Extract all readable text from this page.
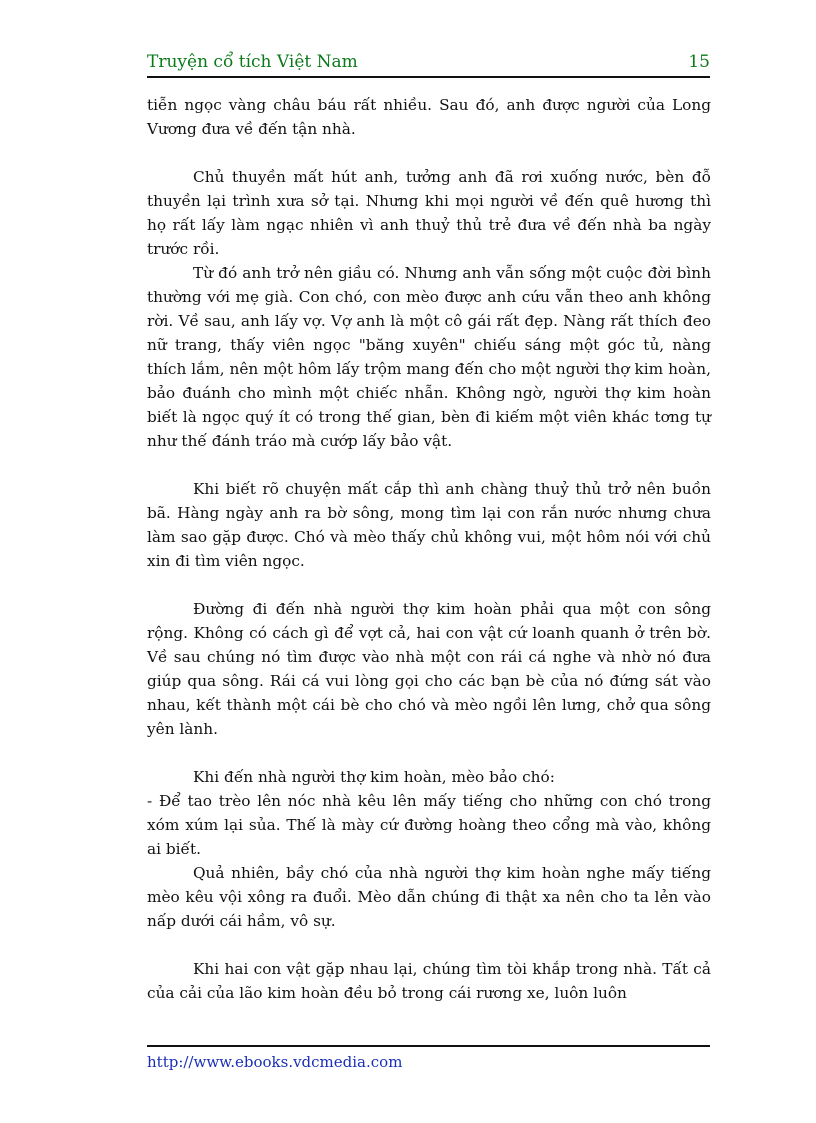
Truyện cổ tích Việt Nam	15

tiễn ngọc vàng châu báu rất nhiều. Sau đó, anh được người của Long Vương đưa về đến tận nhà.

Chủ thuyền mất hút anh, tưởng anh đã rơi xuống nước, bèn đỗ thuyền lại trình xưa sở tại. Nhưng khi mọi người về đến quê hương thì họ rất lấy làm ngạc nhiên vì anh thuỷ thủ trẻ đưa về đến nhà ba ngày trước rồi.

Từ đó anh trở nên giầu có. Nhưng anh vẫn sống một cuộc đời bình thường với mẹ già. Con chó, con mèo được anh cứu vẫn theo anh không rời. Về sau, anh lấy vợ. Vợ anh là một cô gái rất đẹp. Nàng rất thích đeo nữ trang, thấy viên ngọc "băng xuyên" chiếu sáng một góc tủ, nàng thích lắm, nên một hôm lấy trộm mang đến cho một người thợ kim hoàn, bảo đuánh cho mình một chiếc nhẫn. Không ngờ, người thợ kim hoàn biết là ngọc quý ít có trong thế gian, bèn đi kiếm một viên khác tơng tự như thế đánh tráo mà cướp lấy bảo vật.

Khi biết rõ chuyện mất cắp thì anh chàng thuỷ thủ trở nên buồn bã. Hàng ngày anh ra bờ sông, mong tìm lại con rắn nước nhưng chưa làm sao gặp được. Chó và mèo thấy chủ không vui, một hôm nói với chủ xin đi tìm viên ngọc.

Đường đi đến nhà người thợ kim hoàn phải qua một con sông rộng. Không có cách gì để vợt cả, hai con vật cứ loanh quanh ở trên bờ. Về sau chúng nó tìm được vào nhà một con rái cá nghe và nhờ nó đưa giúp qua sông. Rái cá vui lòng gọi cho các bạn bè của nó đứng sát vào nhau, kết thành một cái bè cho chó và mèo ngồi lên lưng, chở qua sông yên lành.

Khi đến nhà người thợ kim hoàn, mèo bảo chó:

- Để tao trèo lên nóc nhà kêu lên mấy tiếng cho những con chó trong xóm xúm lại sủa. Thế là mày cứ đường hoàng theo cổng mà vào, không ai biết.

Quả nhiên, bầy chó của nhà người thợ kim hoàn nghe mấy tiếng mèo kêu vội xông ra đuổi. Mèo dẫn chúng đi thật xa nên cho ta lẻn vào nấp dưới cái hầm, vô sự.

Khi hai con vật gặp nhau lại, chúng tìm tòi khắp trong nhà. Tất cả của cải của lão kim hoàn đều bỏ trong cái rương xe, luôn luôn

http://www.ebooks.vdcmedia.com
